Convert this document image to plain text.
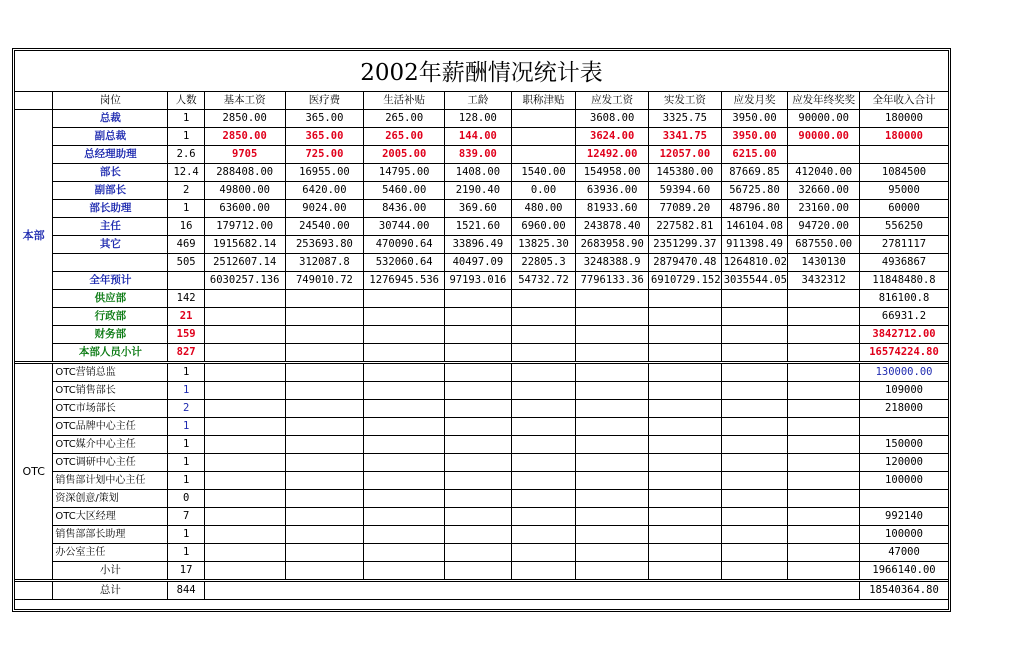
2002年薪酬情况统计表
	岗位	人数	基本工资	医疗费	生活补贴	工龄	职称津贴	应发工资	实发工资	应发月奖	应发年终奖奖	全年收入合计
本部	总裁	1	2850.00	365.00	265.00	128.00		3608.00	3325.75	3950.00	90000.00	180000
	副总裁	1	2850.00	365.00	265.00	144.00		3624.00	3341.75	3950.00	90000.00	180000
	总经理助理	2.6	9705	725.00	2005.00	839.00		12492.00	12057.00	6215.00		
	部长	12.4	288408.00	16955.00	14795.00	1408.00	1540.00	154958.00	145380.00	87669.85	412040.00	1084500
	副部长	2	49800.00	6420.00	5460.00	2190.40	0.00	63936.00	59394.60	56725.80	32660.00	95000
	部长助理	1	63600.00	9024.00	8436.00	369.60	480.00	81933.60	77089.20	48796.80	23160.00	60000
	主任	16	179712.00	24540.00	30744.00	1521.60	6960.00	243878.40	227582.81	146104.08	94720.00	556250
	其它	469	1915682.14	253693.80	470090.64	33896.49	13825.30	2683958.90	2351299.37	911398.49	687550.00	2781117
		505	2512607.14	312087.8	532060.64	40497.09	22805.3	3248388.9	2879470.48	1264810.02	1430130	4936867
	全年预计		6030257.136	749010.72	1276945.536	97193.016	54732.72	7796133.36	6910729.152	3035544.05	3432312	11848480.8
	供应部	142										816100.8
	行政部	21										66931.2
	财务部	159										3842712.00
	本部人员小计	827										16574224.80
OTC	OTC营销总监	1										130000.00
	OTC销售部长	1										109000
	OTC市场部长	2										218000
	OTC品牌中心主任	1										
	OTC媒介中心主任	1										150000
	OTC调研中心主任	1										120000
	销售部计划中心主任	1										100000
	资深创意/策划	0										
	OTC大区经理	7										992140
	销售部部长助理	1										100000
	办公室主任	1										47000
	小计	17										1966140.00
	总计	844										18540364.80
